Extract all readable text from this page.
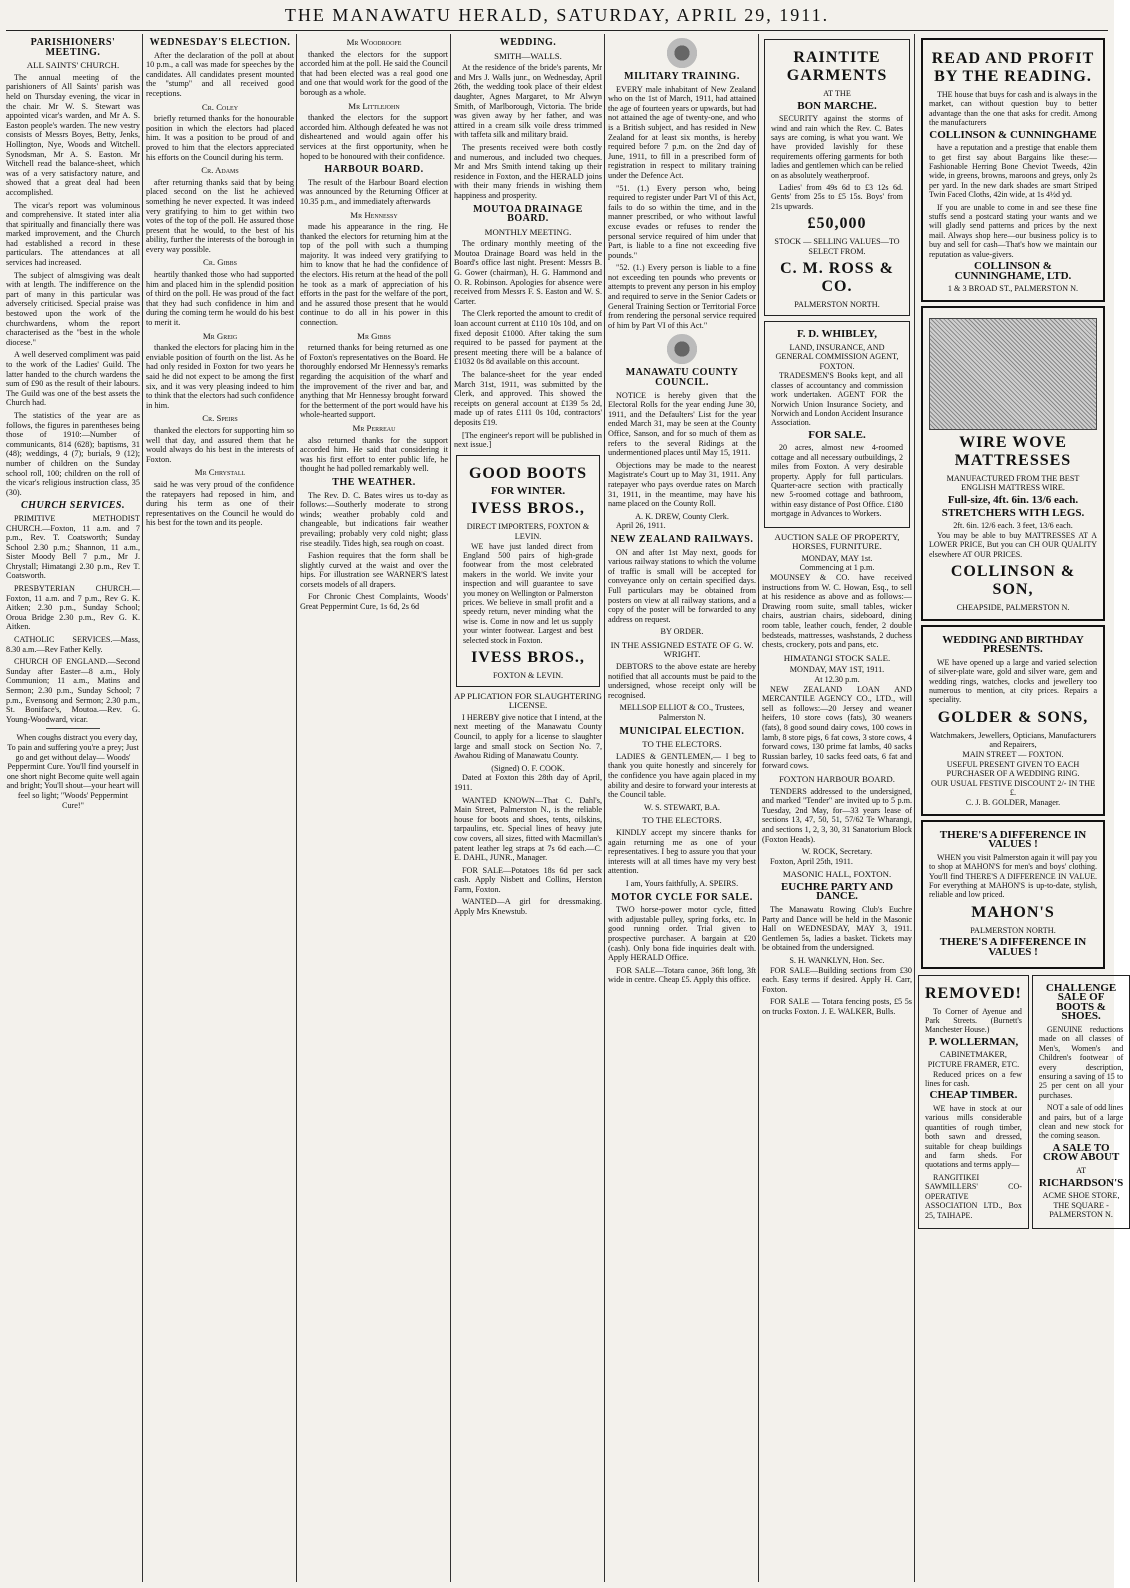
THE MANAWATU HERALD, SATURDAY, APRIL 29, 1911.
PARISHIONERS' MEETING.
ALL SAINTS' CHURCH.

The annual meeting of the parishioners of All Saints' parish was held on Thursday evening, the vicar in the chair. Mr W. S. Stewart was appointed vicar's warden, and Mr A. S. Easton people's warden. The new vestry consists of Messrs Boyes, Betty, Jenks, Hollington, Nye, Woods and Witchell. Synodsman, Mr A. S. Easton. Mr Witchell read the balance-sheet, which was of a very satisfactory nature, and showed that a great deal had been accomplished.

The vicar's report was voluminous and comprehensive. It stated inter alia that spiritually and financially there was marked improvement, and the Church had established a record in these particulars. The attendances at all services had increased.

The subject of almsgiving was dealt with at length. The indifference on the part of many in this particular was adversely criticised. Special praise was bestowed upon the work of the churchwardens, whom the report characterised as the "best in the whole diocese."

A well deserved compliment was paid to the work of the Ladies' Guild. The latter handed to the church wardens the sum of £90 as the result of their labours. The Guild was one of the best assets the Church had.

The statistics of the year are as follows, the figures in parentheses being those of 1910:—Number of communicants, 814 (628); baptisms, 31 (48); weddings, 4 (7); burials, 9 (12); number of children on the Sunday school roll, 100; children on the roll of the vicar's religious instruction class, 35 (30).

CHURCH SERVICES.

PRIMITIVE METHODIST CHURCH.—Foxton, 11 a.m. and 7 p.m., Rev. T. Coatsworth; Sunday School 2.30 p.m.; Shannon, 11 a.m., Sister Moody Bell 7 p.m., Mr J. Chrystall; Himatangi 2.30 p.m., Rev T. Coatsworth.

PRESBYTERIAN CHURCH.—Foxton, 11 a.m. and 7 p.m., Rev G. K. Aitken; 2.30 p.m., Sunday School; Oroua Bridge 2.30 p.m., Rev G. K. Aitken.

CATHOLIC SERVICES.—Mass, 8.30 a.m.—Rev Father Kelly.

CHURCH OF ENGLAND.—Second Sunday after Easter—8 a.m., Holy Communion; 11 a.m., Matins and Sermon; 2.30 p.m., Sunday School; 7 p.m., Evensong and Sermon; 2.30 p.m., St. Boniface's, Moutoa.—Rev. G. Young-Woodward, vicar.

When coughs distract you every day, To pain and suffering you're a prey; Just go and get without delay— Woods' Peppermint Cure. You'll find yourself in one short night Become quite well again and bright; You'll shout—your heart will feel so light; "Woods' Peppermint Cure!"

WEDNESDAY'S ELECTION.

After the declaration of the poll at about 10 p.m., a call was made for speeches by the candidates. All candidates present mounted the "stump" and all received good receptions.

Cr. Coley

briefly returned thanks for the honourable position in which the electors had placed him. It was a position to be proud of and proved to him that the electors appreciated his efforts on the Council during his term.

Cr. Adams

after returning thanks said that by being placed second on the list he achieved something he never expected. It was indeed very gratifying to him to get within two votes of the top of the poll. He assured those present that he would, to the best of his ability, further the interests of the borough in every way possible.

Cr. Gibbs

heartily thanked those who had supported him and placed him in the splendid position of third on the poll. He was proud of the fact that they had such confidence in him and during the coming term he would do his best to merit it.

Mr Greig

thanked the electors for placing him in the enviable position of fourth on the list. As he had only resided in Foxton for two years he said he did not expect to be among the first six, and it was very pleasing indeed to him to think that the electors had such confidence in him.

Cr. Speirs

thanked the electors for supporting him so well that day, and assured them that he would always do his best in the interests of Foxton.

Mr Chrystall

said he was very proud of the confidence the ratepayers had reposed in him, and during his term as one of their representatives on the Council he would do his best for the town and its people.

Mr Woodroofe

thanked the electors for the support accorded him at the poll. He said the Council that had been elected was a real good one and one that would work for the good of the borough as a whole.

Mr Littlejohn

thanked the electors for the support accorded him. Although defeated he was not disheartened and would again offer his services at the first opportunity, when he hoped to be honoured with their confidence.

HARBOUR BOARD.

The result of the Harbour Board election was announced by the Returning Officer at 10.35 p.m., and immediately afterwards

Mr Hennessy

made his appearance in the ring. He thanked the electors for returning him at the top of the poll with such a thumping majority. It was indeed very gratifying to him to know that he had the confidence of the electors. His return at the head of the poll he took as a mark of appreciation of his efforts in the past for the welfare of the port, and he assured those present that he would continue to do all in his power in this connection.

Mr Gibbs

returned thanks for being returned as one of Foxton's representatives on the Board. He thoroughly endorsed Mr Hennessy's remarks regarding the acquisition of the wharf and the improvement of the river and bar, and anything that Mr Hennessy brought forward for the betterment of the port would have his whole-hearted support.

Mr Perreau

also returned thanks for the support accorded him. He said that considering it was his first effort to enter public life, he thought he had polled remarkably well.

THE WEATHER.

The Rev. D. C. Bates wires us to-day as follows:—Southerly moderate to strong winds; weather probably cold and changeable, but indications fair weather prevailing; probably very cold night; glass rise steadily. Tides high, sea rough on coast.

Fashion requires that the form shall be slightly curved at the waist and over the hips. For illustration see WARNER'S latest corsets models of all drapers.

For Chronic Chest Complaints, Woods' Great Peppermint Cure, 1s 6d, 2s 6d

WEDDING.
SMITH—WALLS.

At the residence of the bride's parents, Mr and Mrs J. Walls junr., on Wednesday, April 26th, the wedding took place of their eldest daughter, Agnes Margaret, to Mr Alwyn Smith, of Marlborough, Victoria. The bride was given away by her father, and was attired in a cream silk voile dress trimmed with taffeta silk and military braid.

The presents received were both costly and numerous, and included two cheques. Mr and Mrs Smith intend taking up their residence in Foxton, and the HERALD joins with their many friends in wishing them happiness and prosperity.

MOUTOA DRAINAGE BOARD.
MONTHLY MEETING.

The ordinary monthly meeting of the Moutoa Drainage Board was held in the Board's office last night. Present: Messrs B. G. Gower (chairman), H. G. Hammond and O. R. Robinson. Apologies for absence were received from Messrs F. S. Easton and W. S. Carter.

The Clerk reported the amount to credit of loan account current at £110 10s 10d, and on fixed deposit £1000. After taking the sum required to be passed for payment at the present meeting there will be a balance of £1032 0s 8d available on this account.

The balance-sheet for the year ended March 31st, 1911, was submitted by the Clerk, and approved. This showed the receipts on general account at £139 5s 2d, made up of rates £111 0s 10d, contractors' deposits £19.

[The engineer's report will be published in next issue.]

GOOD BOOTS
FOR WINTER.
IVESS BROS.,
DIRECT IMPORTERS, FOXTON & LEVIN.

WE have just landed direct from England 500 pairs of high-grade footwear from the most celebrated makers in the world. We invite your inspection and will guarantee to save you money on Wellington or Palmerston prices. We believe in small profit and a speedy return, never minding what the wise is. Come in now and let us supply your winter footwear. Largest and best selected stock in Foxton.

IVESS BROS.,
FOXTON & LEVIN.
AP PLICATION FOR SLAUGHTERING LICENSE.

I HEREBY give notice that I intend, at the next meeting of the Manawatu County Council, to apply for a license to slaughter large and small stock on Section No. 7, Awahou Riding of Manawatu County.

(Signed) O. F. COOK.

Dated at Foxton this 28th day of April, 1911.

WANTED KNOWN—That C. Dahl's, Main Street, Palmerston N., is the reliable house for boots and shoes, tents, oilskins, tarpaulins, etc. Special lines of heavy jute cow covers, all sizes, fitted with Macmillan's patent leather leg straps at 7s 6d each.—C. E. DAHL, JUNR., Manager.

FOR SALE—Potatoes 18s 6d per sack cash. Apply Nisbett and Collins, Herston Farm, Foxton.

WANTED—A girl for dressmaking. Apply Mrs Knewstub.

MILITARY TRAINING.

EVERY male inhabitant of New Zealand who on the 1st of March, 1911, had attained the age of fourteen years or upwards, but had not attained the age of twenty-one, and who is a British subject, and has resided in New Zealand for at least six months, is hereby required before 7 p.m. on the 2nd day of June, 1911, to fill in a prescribed form of registration in respect to military training under the Defence Act.

"51. (1.) Every person who, being required to register under Part VI of this Act, fails to do so within the time, and in the manner prescribed, or who without lawful excuse evades or refuses to render the personal service required of him under that Part, is liable to a fine not exceeding five pounds."

"52. (1.) Every person is liable to a fine not exceeding ten pounds who prevents or attempts to prevent any person in his employ and required to serve in the Senior Cadets or General Training Section or Territorial Force from rendering the personal service required of him by Part VI of this Act."

MANAWATU COUNTY COUNCIL.

NOTICE is hereby given that the Electoral Rolls for the year ending June 30, 1911, and the Defaulters' List for the year ended March 31, may be seen at the County Office, Sanson, and for so much of them as refers to the several Ridings at the undermentioned places until May 15, 1911.

Objections may be made to the nearest Magistrate's Court up to May 31, 1911. Any ratepayer who pays overdue rates on March 31, 1911, in the meantime, may have his name placed on the County Roll.

A. K. DREW, County Clerk.

April 26, 1911.

NEW ZEALAND RAILWAYS.

ON and after 1st May next, goods for various railway stations to which the volume of traffic is small will be accepted for conveyance only on certain specified days. Full particulars may be obtained from posters on view at all railway stations, and a copy of the poster will be forwarded to any address on request.

BY ORDER.
IN THE ASSIGNED ESTATE OF G. W. WRIGHT.

DEBTORS to the above estate are hereby notified that all accounts must be paid to the undersigned, whose receipt only will be recognised.

MELLSOP ELLIOT & CO., Trustees, Palmerston N.
MUNICIPAL ELECTION.
TO THE ELECTORS.

LADIES & GENTLEMEN,— I beg to thank you quite honestly and sincerely for the confidence you have again placed in my ability and desire to forward your interests at the Council table.

W. S. STEWART, B.A.
TO THE ELECTORS.

KINDLY accept my sincere thanks for again returning me as one of your representatives. I beg to assure you that your interests will at all times have my very best attention.

I am, Yours faithfully, A. SPEIRS.
MOTOR CYCLE FOR SALE.

TWO horse-power motor cycle, fitted with adjustable pulley, spring forks, etc. In good running order. Trial given to prospective purchaser. A bargain at £20 (cash). Only bona fide inquiries dealt with. Apply HERALD Office.

FOR SALE—Totara canoe, 36ft long, 3ft wide in centre. Cheap £5. Apply this office.

RAINTITE GARMENTS
AT THE
BON MARCHE.

SECURITY against the storms of wind and rain which the Rev. C. Bates says are coming, is what you want. We have provided lavishly for these requirements offering garments for both ladies and gentlemen which can be relied on as absolutely weatherproof.

Ladies' from 49s 6d to £3 12s 6d. Gents' from 25s to £5 15s. Boys' from 21s upwards.

£50,000
STOCK — SELLING VALUES—TO SELECT FROM.
C. M. ROSS & CO.
PALMERSTON NORTH.
F. D. WHIBLEY,
LAND, INSURANCE, AND GENERAL COMMISSION AGENT, FOXTON.

TRADESMEN'S Books kept, and all classes of accountancy and commission work undertaken. AGENT FOR the Norwich Union Insurance Society, and Norwich and London Accident Insurance Association.

FOR SALE.

20 acres, almost new 4-roomed cottage and all necessary outbuildings, 2 miles from Foxton. A very desirable property. Apply for full particulars. Quarter-acre section with practically new 5-roomed cottage and bathroom, within easy distance of Post Office. £180 mortgage in Advances to Workers.

AUCTION SALE OF PROPERTY, HORSES, FURNITURE.
MONDAY, MAY 1st.
Commencing at 1 p.m.

MOUNSEY & CO. have received instructions from W. C. Howan, Esq., to sell at his residence as above and as follows:—Drawing room suite, small tables, wicker chairs, austrian chairs, sideboard, dining room table, leather couch, fender, 2 double bedsteads, mattresses, washstands, 2 duchess chests, crockery, pots and pans, etc.

HIMATANGI STOCK SALE.
MONDAY, MAY 1ST, 1911.
At 12.30 p.m.

NEW ZEALAND LOAN AND MERCANTILE AGENCY CO., LTD., will sell as follows:—20 Jersey and weaner heifers, 10 store cows (fats), 30 weaners (fats), 8 good sound dairy cows, 100 cows in lamb, 8 store pigs, 6 fat cows, 3 store cows, 4 forward cows, 130 prime fat lambs, 40 sacks Russian barley, 10 sacks feed oats, 6 fat and forward cows.

FOXTON HARBOUR BOARD.

TENDERS addressed to the undersigned, and marked "Tender" are invited up to 5 p.m. Tuesday, 2nd May, for—33 years lease of sections 13, 47, 50, 51, 57/62 Te Wharangi, and sections 1, 2, 3, 30, 31 Sanatorium Block (Foxton Heads).

W. ROCK, Secretary.

Foxton, April 25th, 1911.

MASONIC HALL, FOXTON.
EUCHRE PARTY AND DANCE.

The Manawatu Rowing Club's Euchre Party and Dance will be held in the Masonic Hall on WEDNESDAY, MAY 3, 1911. Gentlemen 5s, ladies a basket. Tickets may be obtained from the undersigned.

S. H. WANKLYN, Hon. Sec.

FOR SALE—Building sections from £30 each. Easy terms if desired. Apply H. Carr, Foxton.

FOR SALE — Totara fencing posts, £5 5s on trucks Foxton. J. E. WALKER, Bulls.

READ AND PROFIT BY THE READING.

THE house that buys for cash and is always in the market, can without question buy to better advantage than the one that asks for credit. Among the manufacturers

COLLINSON & CUNNINGHAME

have a reputation and a prestige that enable them to get first say about Bargains like these:—Fashionable Herring Bone Cheviot Tweeds, 42in wide, in greens, browns, maroons and greys, only 2s per yard. In the new dark shades are smart Striped Twin Faced Cloths, 42in wide, at 1s 4½d yd.

If you are unable to come in and see these fine stuffs send a postcard stating your wants and we will gladly send patterns and prices by the next mail. Always shop here—our business policy is to buy and sell for cash—That's how we maintain our reputation as value-givers.

COLLINSON & CUNNINGHAME, LTD.
1 & 3 BROAD ST., PALMERSTON N.
WIRE WOVE MATTRESSES
MANUFACTURED FROM THE BEST ENGLISH MATTRESS WIRE.
Full-size, 4ft. 6in. 13/6 each.
STRETCHERS WITH LEGS.
2ft. 6in. 12/6 each. 3 feet, 13/6 each.

You may be able to buy MATTRESSES AT A LOWER PRICE, But you can CH OUR QUALITY elsewhere AT OUR PRICES.

COLLINSON & SON,
CHEAPSIDE, PALMERSTON N.
WEDDING AND BIRTHDAY PRESENTS.

WE have opened up a large and varied selection of silver-plate ware, gold and silver ware, gem and wedding rings, watches, clocks and jewellery too numerous to mention, at city prices. Repairs a speciality.

GOLDER & SONS,
Watchmakers, Jewellers, Opticians, Manufacturers and Repairers,
MAIN STREET — FOXTON.
USEFUL PRESENT GIVEN TO EACH PURCHASER OF A WEDDING RING.
OUR USUAL FESTIVE DISCOUNT 2/- IN THE £.
C. J. B. GOLDER, Manager.
THERE'S A DIFFERENCE IN VALUES !

WHEN you visit Palmerston again it will pay you to shop at MAHON'S for men's and boys' clothing. You'll find THERE'S A DIFFERENCE IN VALUE. For everything at MAHON'S is up-to-date, stylish, reliable and low priced.

MAHON'S
PALMERSTON NORTH.
THERE'S A DIFFERENCE IN VALUES !
REMOVED!

To Corner of Ayenue and Park Streets. (Burnett's Manchester House.)

P. WOLLERMAN,
CABINETMAKER, PICTURE FRAMER, ETC.

Reduced prices on a few lines for cash.

CHEAP TIMBER.

WE have in stock at our various mills considerable quantities of rough timber, both sawn and dressed, suitable for cheap buildings and farm sheds. For quotations and terms apply—

RANGITIKEI SAWMILLERS' CO-OPERATIVE ASSOCIATION LTD., Box 25, TAIHAPE.

CHALLENGE SALE OF BOOTS & SHOES.

GENUINE reductions made on all classes of Men's, Women's and Children's footwear of every description, ensuring a saving of 15 to 25 per cent on all your purchases.

NOT a sale of odd lines and pairs, but of a large clean and new stock for the coming season.

A SALE TO CROW ABOUT
AT
RICHARDSON'S
ACME SHOE STORE,
THE SQUARE - PALMERSTON N.
